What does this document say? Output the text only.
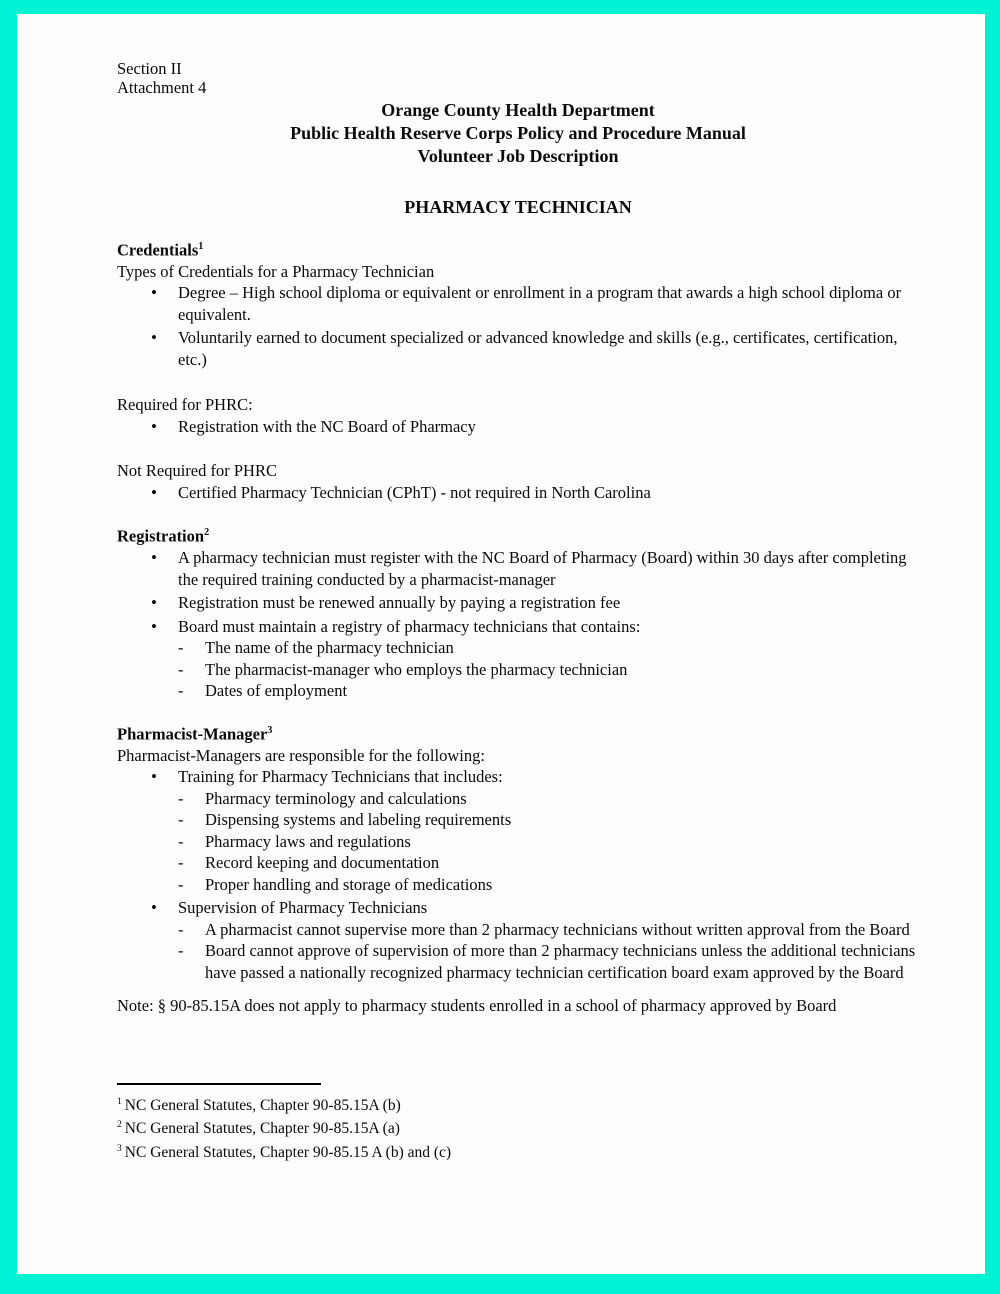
Section II
Attachment 4
Orange County Health Department
Public Health Reserve Corps Policy and Procedure Manual
Volunteer Job Description
PHARMACY TECHNICIAN
Credentials$^1$
Types of Credentials for a Pharmacy Technician
• Degree – High school diploma or equivalent or enrollment in a program that awards a high school diploma or equivalent.
• Voluntarily earned to document specialized or advanced knowledge and skills (e.g., certificates, certification, etc.)
Required for PHRC:
• Registration with the NC Board of Pharmacy
Not Required for PHRC
• Certified Pharmacy Technician (CPhT) - not required in North Carolina
Registration$^2$
• A pharmacy technician must register with the NC Board of Pharmacy (Board) within 30 days after completing the required training conducted by a pharmacist-manager
• Registration must be renewed annually by paying a registration fee
• Board must maintain a registry of pharmacy technicians that contains:
- The name of the pharmacy technician
- The pharmacist-manager who employs the pharmacy technician
- Dates of employment
Pharmacist-Manager$^3$
Pharmacist-Managers are responsible for the following:
• Training for Pharmacy Technicians that includes:
- Pharmacy terminology and calculations
- Dispensing systems and labeling requirements
- Pharmacy laws and regulations
- Record keeping and documentation
- Proper handling and storage of medications
• Supervision of Pharmacy Technicians
- A pharmacist cannot supervise more than 2 pharmacy technicians without written approval from the Board
- Board cannot approve of supervision of more than 2 pharmacy technicians unless the additional technicians have passed a nationally recognized pharmacy technician certification board exam approved by the Board
Note: § 90-85.15A does not apply to pharmacy students enrolled in a school of pharmacy approved by Board
$^1$ NC General Statutes, Chapter 90-85.15A (b)
$^2$ NC General Statutes, Chapter 90-85.15A (a)
$^3$ NC General Statutes, Chapter 90-85.15 A (b) and (c)
